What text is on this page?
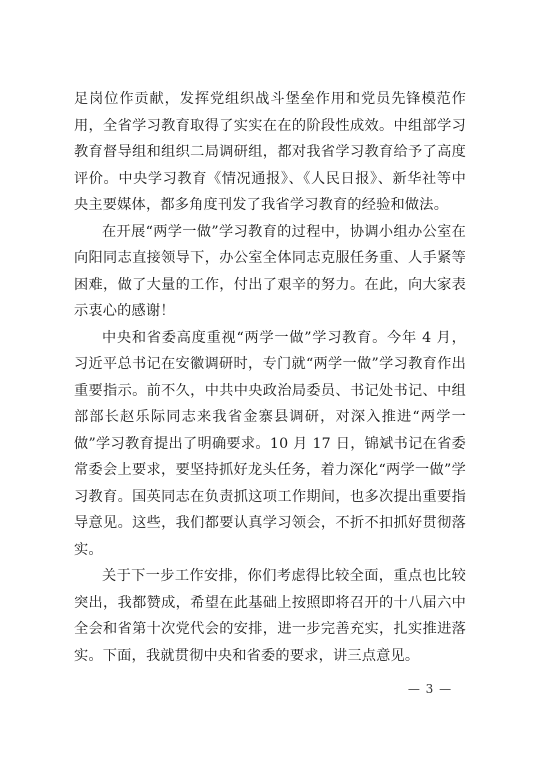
足岗位作贡献，发挥党组织战斗堡垒作用和党员先锋模范作用，全省学习教育取得了实实在在的阶段性成效。中组部学习教育督导组和组织二局调研组，都对我省学习教育给予了高度评价。中央学习教育《情况通报》、《人民日报》、新华社等中央主要媒体，都多角度刊发了我省学习教育的经验和做法。

在开展“两学一做”学习教育的过程中，协调小组办公室在向阳同志直接领导下，办公室全体同志克服任务重、人手紧等困难，做了大量的工作，付出了艰辛的努力。在此，向大家表示衷心的感谢！

中央和省委高度重视“两学一做”学习教育。今年 4 月，习近平总书记在安徽调研时，专门就“两学一做”学习教育作出重要指示。前不久，中共中央政治局委员、书记处书记、中组部部长赵乐际同志来我省金寨县调研，对深入推进“两学一做”学习教育提出了明确要求。10 月 17 日，锦斌书记在省委常委会上要求，要坚持抓好龙头任务，着力深化“两学一做”学习教育。国英同志在负责抓这项工作期间，也多次提出重要指导意见。这些，我们都要认真学习领会，不折不扣抓好贯彻落实。

关于下一步工作安排，你们考虑得比较全面，重点也比较突出，我都赞成，希望在此基础上按照即将召开的十八届六中全会和省第十次党代会的安排，进一步完善充实，扎实推进落实。下面，我就贯彻中央和省委的要求，讲三点意见。

— 3 —
